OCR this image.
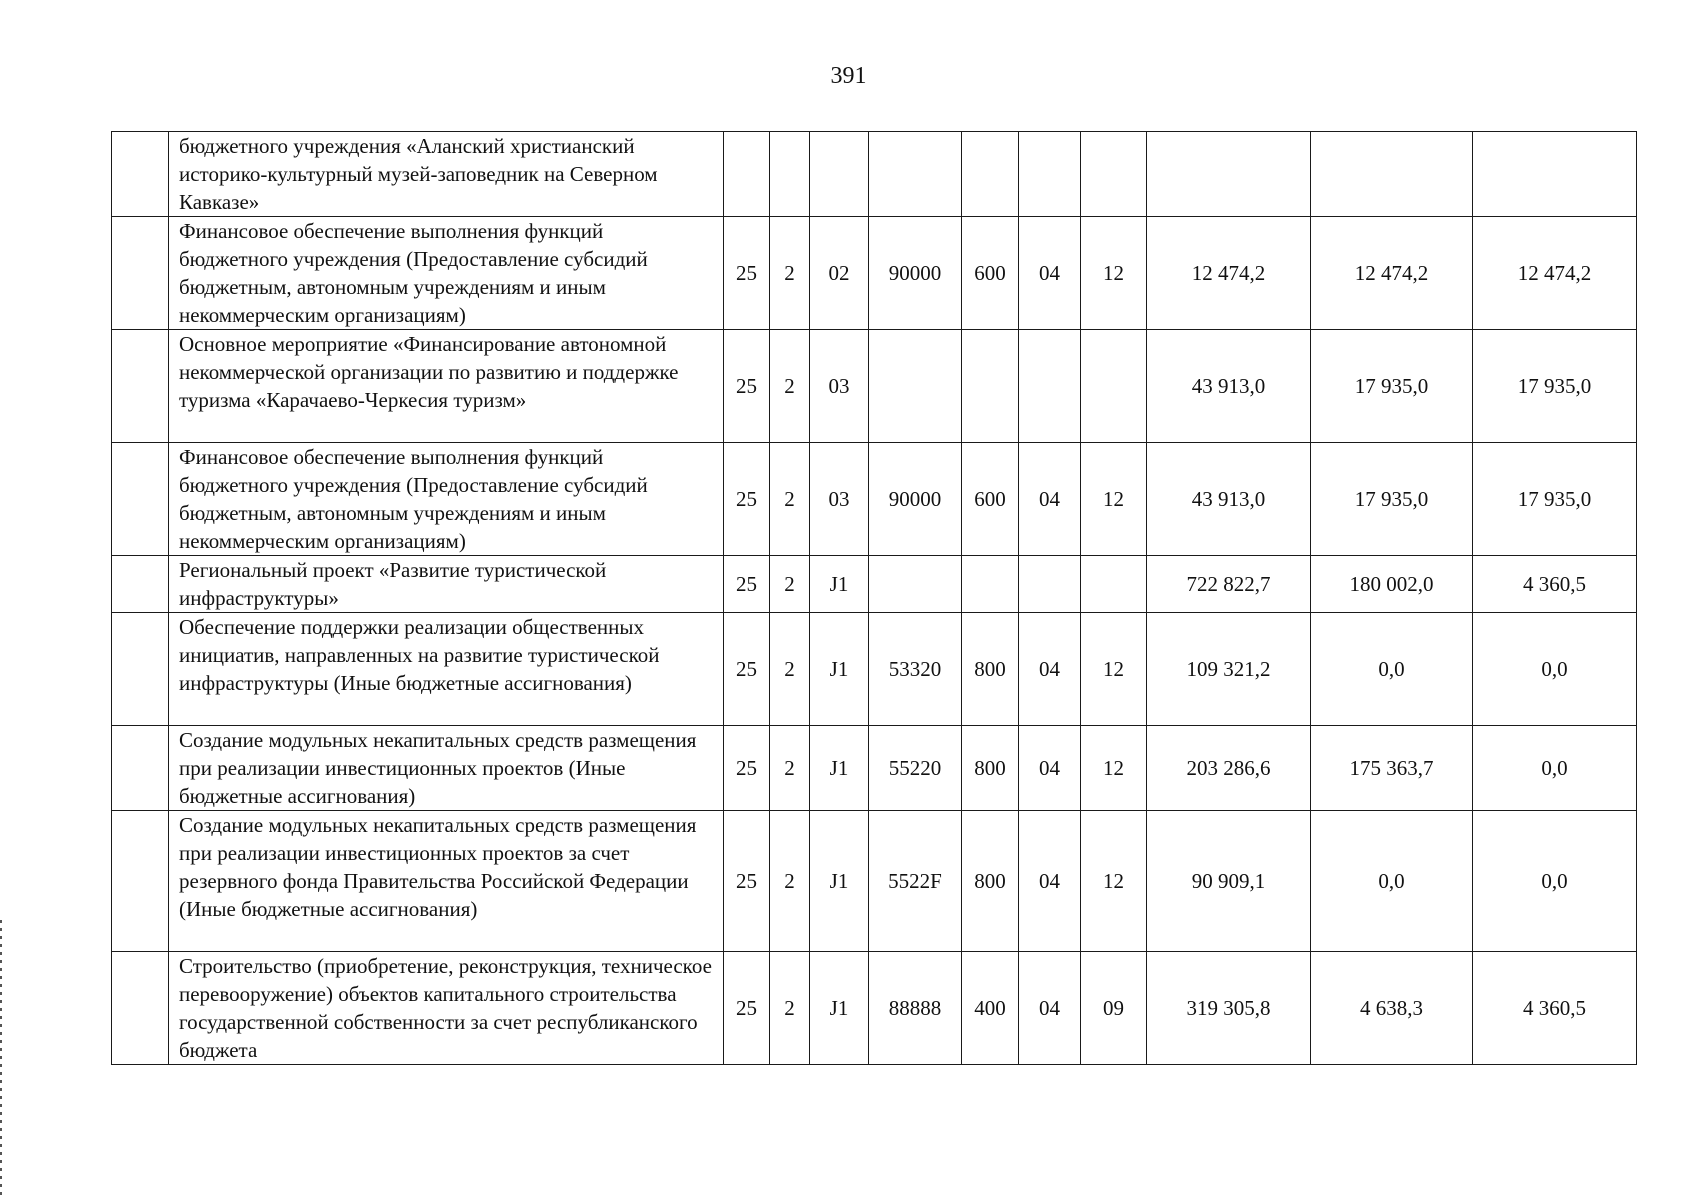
391
	бюджетного учреждения «Аланский христианский историко-культурный музей-заповедник на Северном Кавказе»										
	Финансовое обеспечение выполнения функций бюджетного учреждения (Предоставление субсидий бюджетным, автономным учреждениям и иным некоммерческим организациям)	25	2	02	90000	600	04	12	12 474,2	12 474,2	12 474,2
	Основное мероприятие «Финансирование автономной некоммерческой организации по развитию и поддержке туризма «Карачаево-Черкесия туризм»	25	2	03					43 913,0	17 935,0	17 935,0
	Финансовое обеспечение выполнения функций бюджетного учреждения (Предоставление субсидий бюджетным, автономным учреждениям и иным некоммерческим организациям)	25	2	03	90000	600	04	12	43 913,0	17 935,0	17 935,0
	Региональный проект «Развитие туристической инфраструктуры»	25	2	J1					722 822,7	180 002,0	4 360,5
	Обеспечение поддержки реализации общественных инициатив, направленных на развитие туристической инфраструктуры (Иные бюджетные ассигнования)	25	2	J1	53320	800	04	12	109 321,2	0,0	0,0
	Создание модульных некапитальных средств размещения при реализации инвестиционных проектов (Иные бюджетные ассигнования)	25	2	J1	55220	800	04	12	203 286,6	175 363,7	0,0
	Создание модульных некапитальных средств размещения при реализации инвестиционных проектов за счет резервного фонда Правительства Российской Федерации (Иные бюджетные ассигнования)	25	2	J1	5522F	800	04	12	90 909,1	0,0	0,0
	Строительство (приобретение, реконструкция, техническое перевооружение) объектов капитального строительства государственной собственности за счет республиканского бюджета	25	2	J1	88888	400	04	09	319 305,8	4 638,3	4 360,5
